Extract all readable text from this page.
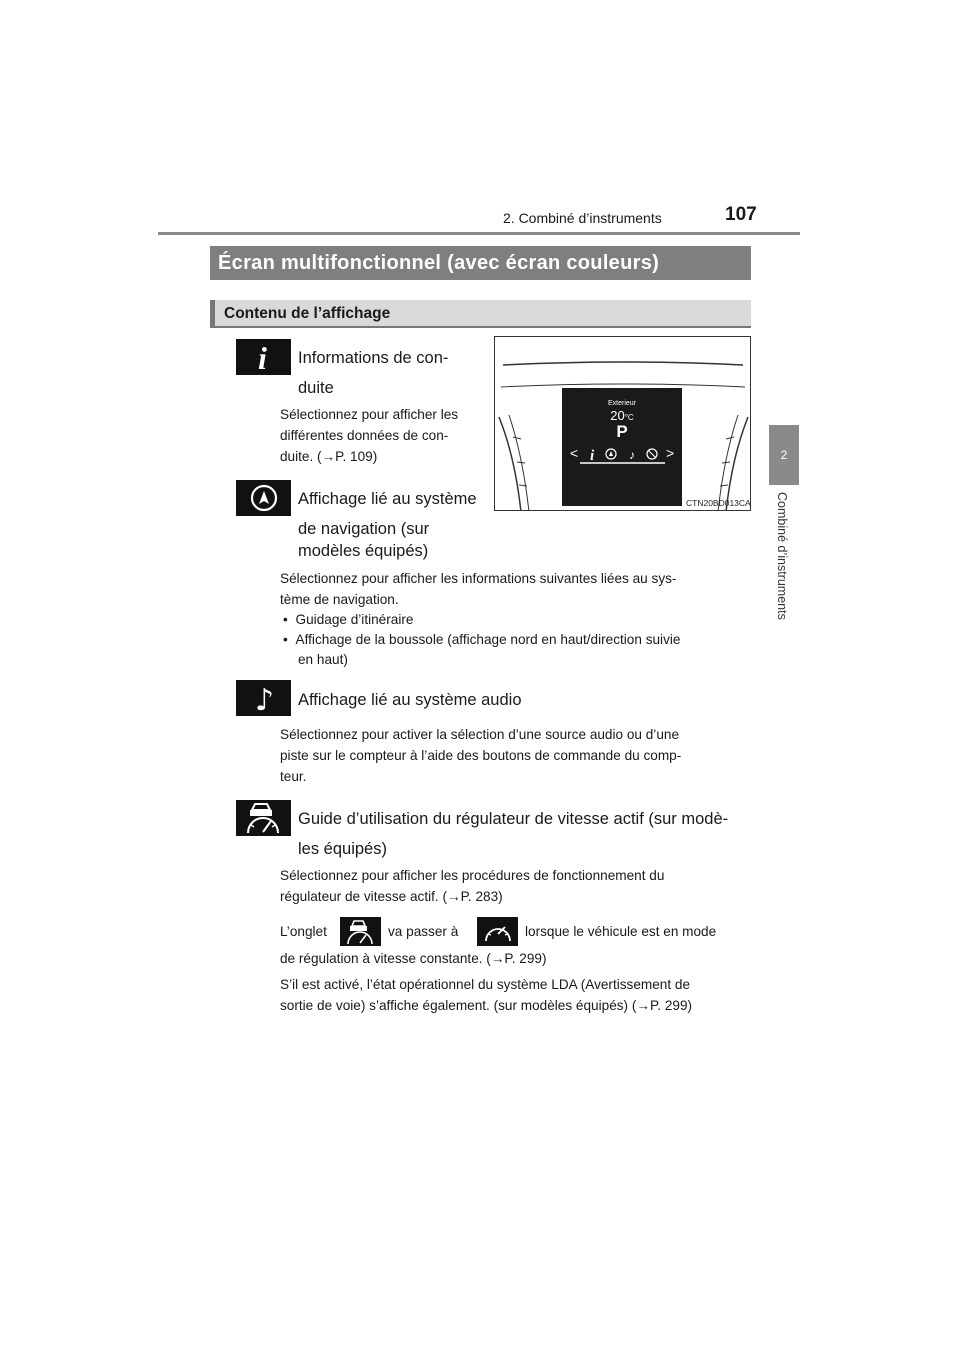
2. Combiné d’instruments	107
2
Combiné d’instruments
Écran multifonctionnel (avec écran couleurs)
Contenu de l’affichage
Exterieur
20°C
P
<	>
i	♪
CTN20BD013CA
i Informations de con-
duite
Sélectionnez pour afficher les
différentes données de con-
duite. (→P. 109)
Affichage lié au système
de navigation (sur
modèles équipés)
Sélectionnez pour afficher les informations suivantes liées au sys-
tème de navigation.
• Guidage d’itinéraire
• Affichage de la boussole (affichage nord en haut/direction suivie
en haut)
♪ Affichage lié au système audio
Sélectionnez pour activer la sélection d’une source audio ou d’une
piste sur le compteur à l’aide des boutons de commande du comp-
teur.
Guide d’utilisation du régulateur de vitesse actif (sur modè-
les équipés)
Sélectionnez pour afficher les procédures de fonctionnement du
régulateur de vitesse actif. (→P. 283)
L’onglet	va passer à	lorsque le véhicule est en mode
de régulation à vitesse constante. (→P. 299)
S’il est activé, l’état opérationnel du système LDA (Avertissement de
sortie de voie) s’affiche également. (sur modèles équipés) (→P. 299)
